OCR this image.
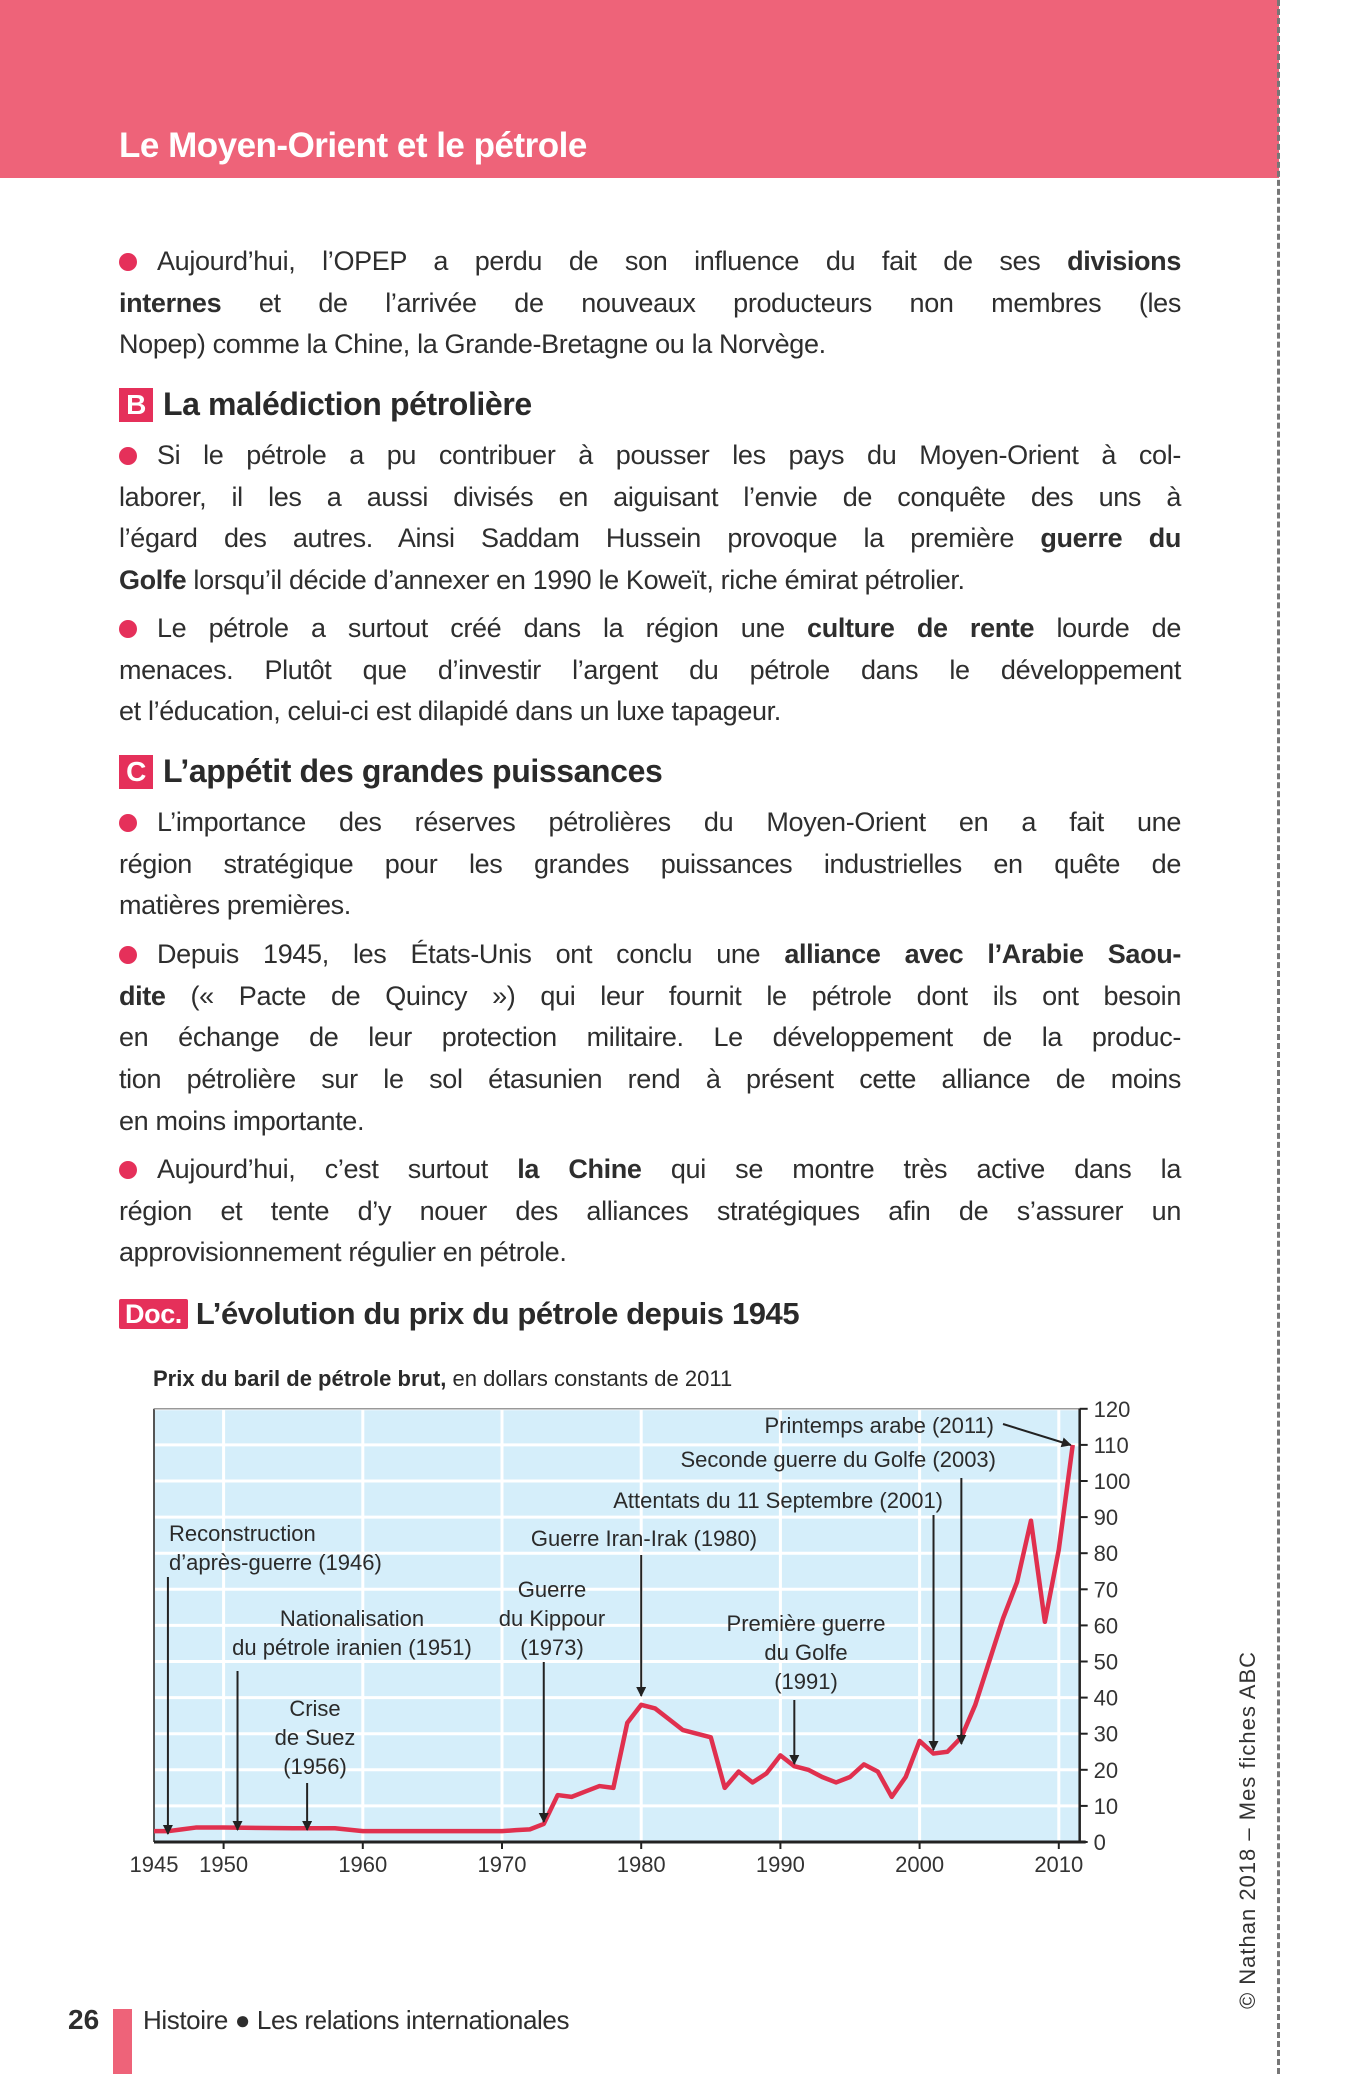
Le Moyen-Orient et le pétrole
Aujourd’hui, l’OPEP a perdu de son influence du fait de ses divisions
internes et de l’arrivée de nouveaux producteurs non membres (les
Nopep) comme la Chine, la Grande-Bretagne ou la Norvège.
Si le pétrole a pu contribuer à pousser les pays du Moyen-Orient à col-
laborer, il les a aussi divisés en aiguisant l’envie de conquête des uns à
l’égard des autres. Ainsi Saddam Hussein provoque la première guerre du
Golfe lorsqu’il décide d’annexer en 1990 le Koweït, riche émirat pétrolier.
Le pétrole a surtout créé dans la région une culture de rente lourde de
menaces. Plutôt que d’investir l’argent du pétrole dans le développement
et l’éducation, celui-ci est dilapidé dans un luxe tapageur.
L’importance des réserves pétrolières du Moyen-Orient en a fait une
région stratégique pour les grandes puissances industrielles en quête de
matières premières.
Depuis 1945, les États-Unis ont conclu une alliance avec l’Arabie Saou-
dite (« Pacte de Quincy ») qui leur fournit le pétrole dont ils ont besoin
en échange de leur protection militaire. Le développement de la produc-
tion pétrolière sur le sol étasunien rend à présent cette alliance de moins
en moins importante.
Aujourd’hui, c’est surtout la Chine qui se montre très active dans la
région et tente d’y nouer des alliances stratégiques afin de s’assurer un
approvisionnement régulier en pétrole.
B La malédiction pétrolière
C L’appétit des grandes puissances
Doc. L’évolution du prix du pétrole depuis 1945
Prix du baril de pétrole brut, en dollars constants de 2011
0
10
20
30
40
50
60
70
80
90
100
110
120
1945 1950	1960	1970	1980	1990	2000	2010
Reconstruction
d’après-guerre (1946)
Nationalisation
du pétrole iranien (1951)
Crise
de Suez
(1956)
Guerre
du Kippour
(1973)
Guerre Iran-Irak (1980)
Première guerre
du Golfe
(1991)
Attentats du 11 Septembre (2001)
Seconde guerre du Golfe (2003)
Printemps arabe (2011)
26 Histoire ● Les relations internationales
© Nathan 2018 – Mes fiches ABC
